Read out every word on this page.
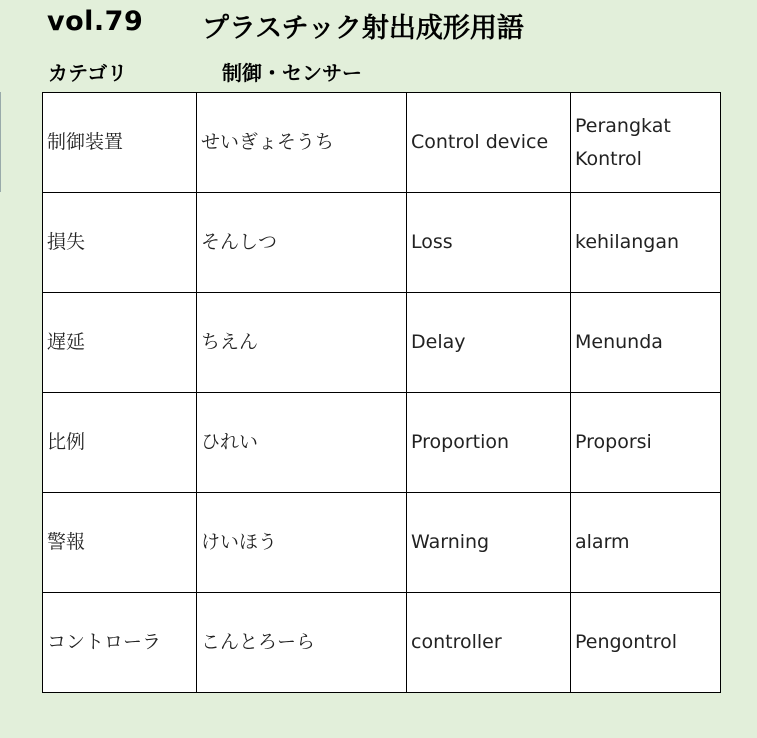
vol.79 プラスチック射出成形用語
カテゴリ	制御・センサー
制御装置	せいぎょそうち	Control device	Perangkat Kontrol
損失	そんしつ	Loss	kehilangan
遅延	ちえん	Delay	Menunda
比例	ひれい	Proportion	Proporsi
警報	けいほう	Warning	alarm
コントローラ	こんとろーら	controller	Pengontrol
